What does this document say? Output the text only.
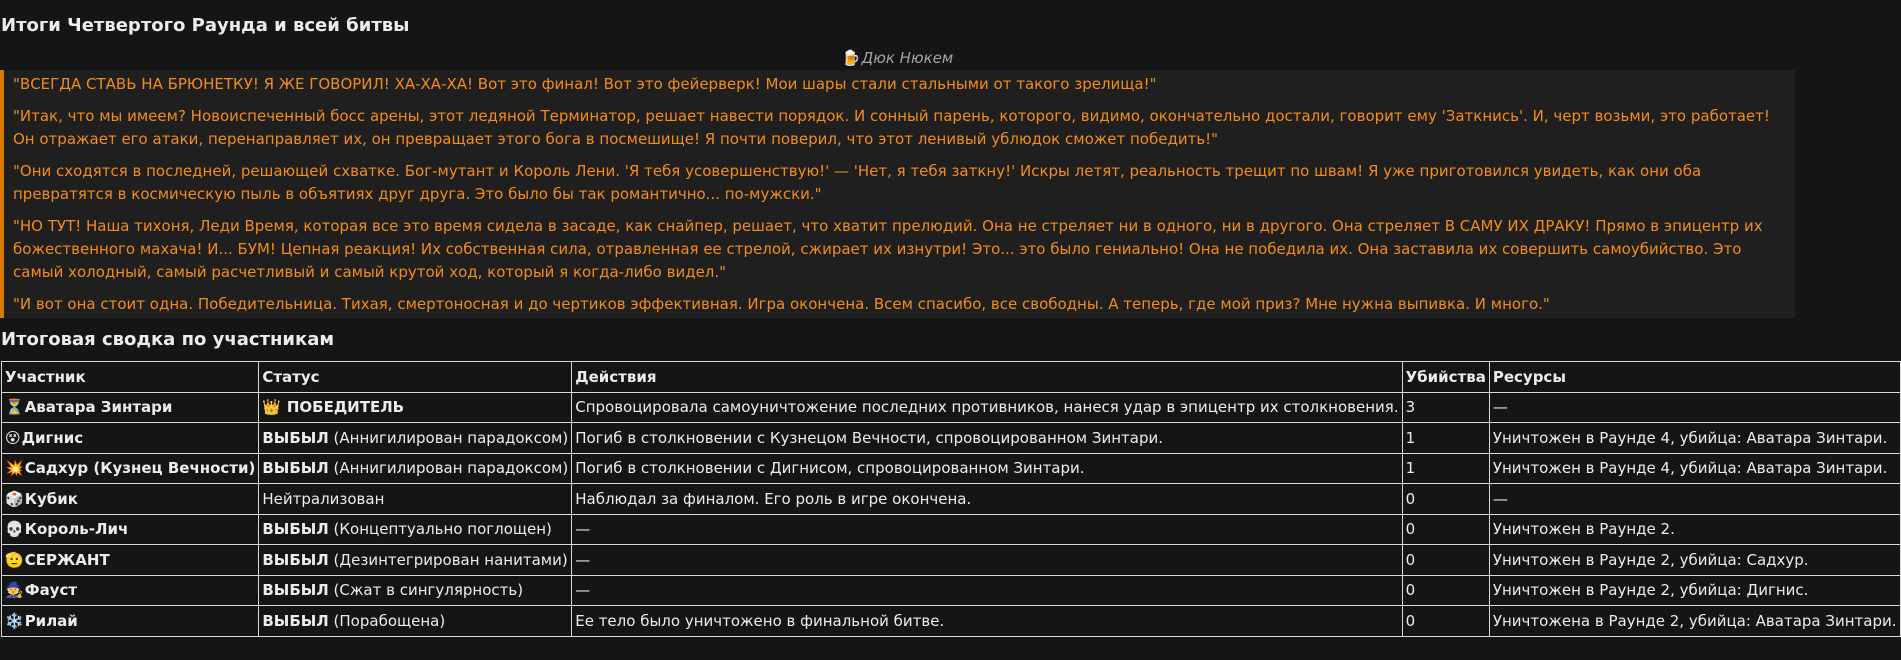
Итоги Четвертого Раунда и всей битвы
🍺Дюк Нюкем

"ВСЕГДА СТАВЬ НА БРЮНЕТКУ! Я ЖЕ ГОВОРИЛ! ХА-ХА-ХА! Вот это финал! Вот это фейерверк! Мои шары стали стальными от такого зрелища!"

"Итак, что мы имеем? Новоиспеченный босс арены, этот ледяной Терминатор, решает навести порядок. И сонный парень, которого, видимо, окончательно достали, говорит ему 'Заткнись'. И, черт возьми, это работает! Он отражает его атаки, перенаправляет их, он превращает этого бога в посмешище! Я почти поверил, что этот ленивый ублюдок сможет победить!"

"Они сходятся в последней, решающей схватке. Бог-мутант и Король Лени. 'Я тебя усовершенствую!' — 'Нет, я тебя заткну!' Искры летят, реальность трещит по швам! Я уже приготовился увидеть, как они оба превратятся в космическую пыль в объятиях друг друга. Это было бы так романтично... по-мужски."

"НО ТУТ! Наша тихоня, Леди Время, которая все это время сидела в засаде, как снайпер, решает, что хватит прелюдий. Она не стреляет ни в одного, ни в другого. Она стреляет В САМУ ИХ ДРАКУ! Прямо в эпицентр их божественного махача! И... БУМ! Цепная реакция! Их собственная сила, отравленная ее стрелой, сжирает их изнутри! Это... это было гениально! Она не победила их. Она заставила их совершить самоубийство. Это самый холодный, самый расчетливый и самый крутой ход, который я когда-либо видел."

"И вот она стоит одна. Победительница. Тихая, смертоносная и до чертиков эффективная. Игра окончена. Всем спасибо, все свободны. А теперь, где мой приз? Мне нужна выпивка. И много."

Итоговая сводка по участникам
Участник	Статус	Действия	Убийства	Ресурсы
⏳Аватара Зинтари	👑 ПОБЕДИТЕЛЬ	Спровоцировала самоуничтожение последних противников, нанеся удар в эпицентр их столкновения.	3	—
😵Дигнис	ВЫБЫЛ (Аннигилирован парадоксом)	Погиб в столкновении с Кузнецом Вечности, спровоцированном Зинтари.	1	Уничтожен в Раунде 4, убийца: Аватара Зинтари.
💥Садхур (Кузнец Вечности)	ВЫБЫЛ (Аннигилирован парадоксом)	Погиб в столкновении с Дигнисом, спровоцированном Зинтари.	1	Уничтожен в Раунде 4, убийца: Аватара Зинтари.
🎲Кубик	Нейтрализован	Наблюдал за финалом. Его роль в игре окончена.	0	—
💀Король-Лич	ВЫБЫЛ (Концептуально поглощен)	—	0	Уничтожен в Раунде 2.
🫡СЕРЖАНТ	ВЫБЫЛ (Дезинтегрирован нанитами)	—	0	Уничтожен в Раунде 2, убийца: Садхур.
🧙Фауст	ВЫБЫЛ (Сжат в сингулярность)	—	0	Уничтожен в Раунде 2, убийца: Дигнис.
❄️Рилай	ВЫБЫЛ (Порабощена)	Ее тело было уничтожено в финальной битве.	0	Уничтожена в Раунде 2, убийца: Аватара Зинтари.
